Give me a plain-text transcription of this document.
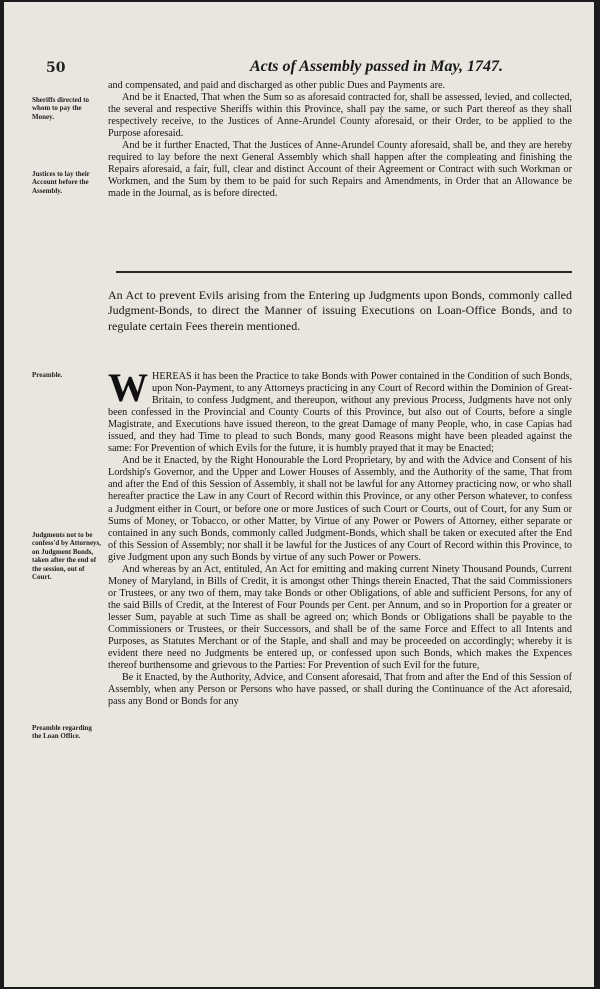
50	Acts of Assembly passed in May, 1747.
Sheriffs directed to whom to pay the Money.
Justices to lay their Account before the Assembly.
Preamble.
Judgments not to be confess'd by Attorneys, on Judgment Bonds, taken after the end of the session, out of Court.
Preamble regarding the Loan Office.

and compensated, and paid and discharged as other public Dues and Payments are.

And be it Enacted, That when the Sum so as aforesaid contracted for, shall be assessed, levied, and collected, the several and respective Sheriffs within this Province, shall pay the same, or such Part thereof as they shall respectively receive, to the Justices of Anne-Arundel County aforesaid, or their Order, to be applied to the Purpose aforesaid.

And be it further Enacted, That the Justices of Anne-Arundel County aforesaid, shall be, and they are hereby required to lay before the next General Assembly which shall happen after the compleating and finishing the Repairs aforesaid, a fair, full, clear and distinct Account of their Agreement or Contract with such Workman or Workmen, and the Sum by them to be paid for such Repairs and Amendments, in Order that an Allowance be made in the Journal, as is before directed.

An Act to prevent Evils arising from the Entering up Judgments upon Bonds, commonly called Judgment-Bonds, to direct the Manner of issuing Executions on Loan-Office Bonds, and to regulate certain Fees therein mentioned.

WHEREAS it has been the Practice to take Bonds with Power contained in the Condition of such Bonds, upon Non-Payment, to any Attorneys practicing in any Court of Record within the Dominion of Great-Britain, to confess Judgment, and thereupon, without any previous Process, Judgments have not only been confessed in the Provincial and County Courts of this Province, but also out of Courts, before a single Magistrate, and Executions have issued thereon, to the great Damage of many People, who, in case Capias had issued, and they had Time to plead to such Bonds, many good Reasons might have been pleaded against the same: For Prevention of which Evils for the future, it is humbly prayed that it may be Enacted;

And be it Enacted, by the Right Honourable the Lord Proprietary, by and with the Advice and Consent of his Lordship's Governor, and the Upper and Lower Houses of Assembly, and the Authority of the same, That from and after the End of this Session of Assembly, it shall not be lawful for any Attorney practicing now, or who shall hereafter practice the Law in any Court of Record within this Province, or any other Person whatever, to confess a Judgment either in Court, or before one or more Justices of such Court or Courts, out of Court, for any Sum or Sums of Money, or Tobacco, or other Matter, by Virtue of any Power or Powers of Attorney, either separate or contained in any such Bonds, commonly called Judgment-Bonds, which shall be taken or executed after the End of this Session of Assembly; nor shall it be lawful for the Justices of any Court of Record within this Province, to give Judgment upon any such Bonds by virtue of any such Power or Powers.

And whereas by an Act, entituled, An Act for emitting and making current Ninety Thousand Pounds, Current Money of Maryland, in Bills of Credit, it is amongst other Things therein Enacted, That the said Commissioners or Trustees, or any two of them, may take Bonds or other Obligations, of able and sufficient Persons, for any of the said Bills of Credit, at the Interest of Four Pounds per Cent. per Annum, and so in Proportion for a greater or lesser Sum, payable at such Time as shall be agreed on; which Bonds or Obligations shall be payable to the Commissioners or Trustees, or their Successors, and shall be of the same Force and Effect to all Intents and Purposes, as Statutes Merchant or of the Staple, and shall and may be proceeded on accordingly; whereby it is evident there need no Judgments be entered up, or confessed upon such Bonds, which makes the Expences thereof burthensome and grievous to the Parties: For Prevention of such Evil for the future,

Be it Enacted, by the Authority, Advice, and Consent aforesaid, That from and after the End of this Session of Assembly, when any Person or Persons who have passed, or shall during the Continuance of the Act aforesaid, pass any Bond or Bonds for any
